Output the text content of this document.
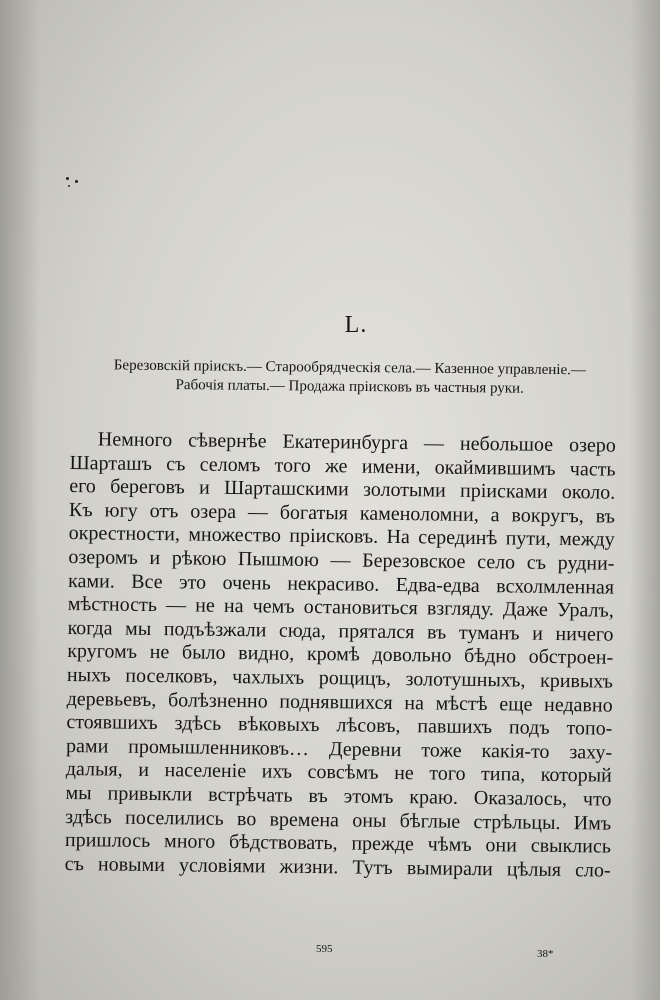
L.
Березовскій пріискъ.— Старообрядческія села.— Казенное управленіе.—
Рабочія платы.— Продажа пріисковъ въ частныя руки.
Немного сѣвернѣе Екатеринбурга — небольшое озеро
Шарташъ съ селомъ того же имени, окаймившимъ часть
его береговъ и Шарташскими золотыми пріисками около.
Къ югу отъ озера — богатыя каменоломни, а вокругъ, въ
окрестности, множество пріисковъ. На серединѣ пути, между
озеромъ и рѣкою Пышмою — Березовское село съ рудни-
ками. Все это очень некрасиво. Едва-едва всхолмленная
мѣстность — не на чемъ остановиться взгляду. Даже Уралъ,
когда мы подъѣзжали сюда, прятался въ туманъ и ничего
кругомъ не было видно, кромѣ довольно бѣдно обстроен-
ныхъ поселковъ, чахлыхъ рощицъ, золотушныхъ, кривыхъ
деревьевъ, болѣзненно поднявшихся на мѣстѣ еще недавно
стоявшихъ здѣсь вѣковыхъ лѣсовъ, павшихъ подъ топо-
рами промышленниковъ… Деревни тоже какія-то заху-
далыя, и населеніе ихъ совсѣмъ не того типа, который
мы привыкли встрѣчать въ этомъ краю. Оказалось, что
здѣсь поселились во времена оны бѣглые стрѣльцы. Имъ
пришлось много бѣдствовать, прежде чѣмъ они свыклись
съ новыми условіями жизни. Тутъ вымирали цѣлыя сло-
595	38*
